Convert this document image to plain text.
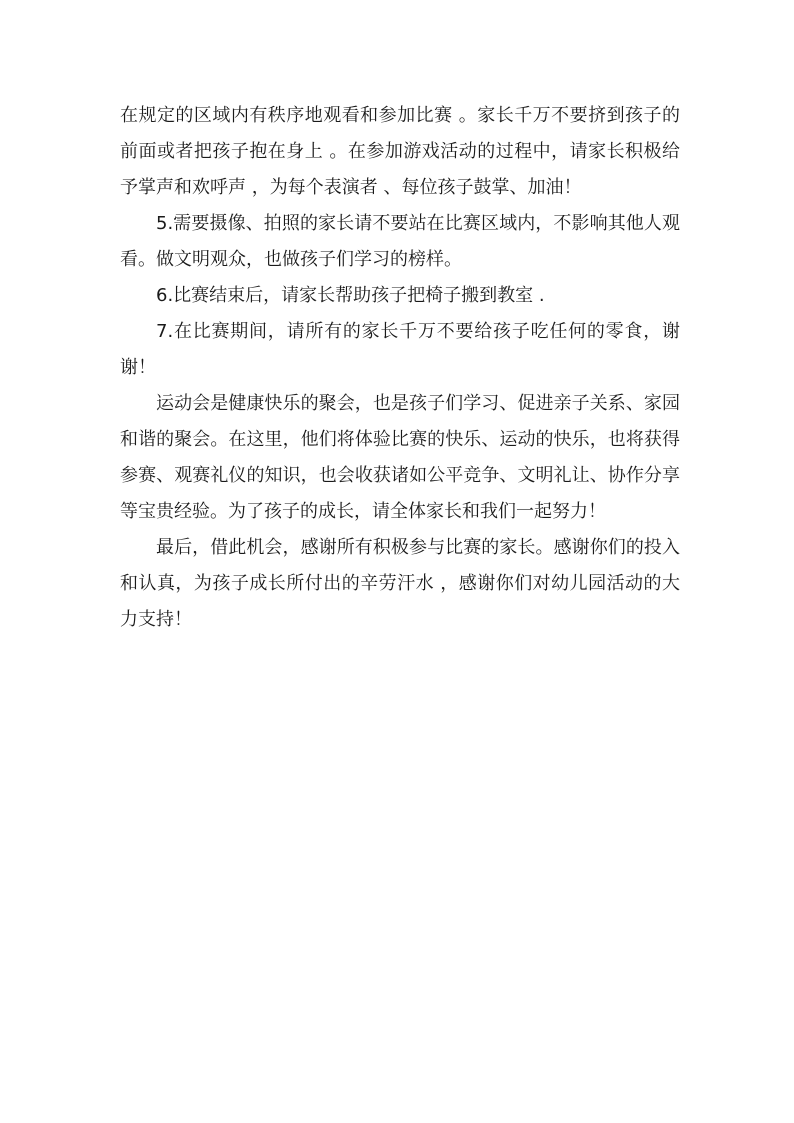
在规定的区域内有秩序地观看和参加比赛 。家长千万不要挤到孩子的前面或者把孩子抱在身上 。在参加游戏活动的过程中，请家长积极给予掌声和欢呼声 ，为每个表演者 、每位孩子鼓掌、加油！

5.需要摄像、拍照的家长请不要站在比赛区域内，不影响其他人观看。做文明观众，也做孩子们学习的榜样。

6.比赛结束后，请家长帮助孩子把椅子搬到教室 .

7.在比赛期间，请所有的家长千万不要给孩子吃任何的零食，谢谢！

运动会是健康快乐的聚会，也是孩子们学习、促进亲子关系、家园和谐的聚会。在这里，他们将体验比赛的快乐、运动的快乐，也将获得参赛、观赛礼仪的知识，也会收获诸如公平竞争、文明礼让、协作分享等宝贵经验。为了孩子的成长，请全体家长和我们一起努力！

最后，借此机会，感谢所有积极参与比赛的家长。感谢你们的投入和认真，为孩子成长所付出的辛劳汗水 ，感谢你们对幼儿园活动的大力支持！
